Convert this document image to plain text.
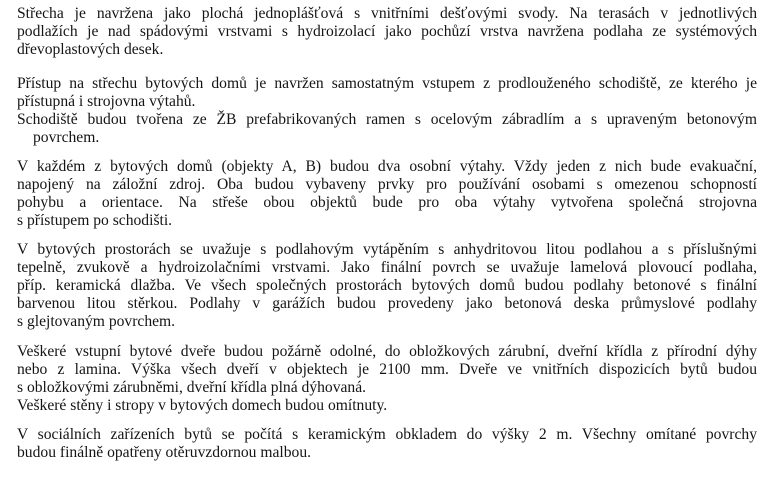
Střecha je navržena jako plochá jednoplášťová s vnitřními dešťovými svody. Na terasách v jednotlivých
podlažích je nad spádovými vrstvami s hydroizolací jako pochůzí vrstva navržena podlaha ze systémových
dřevoplastových desek.
Přístup na střechu bytových domů je navržen samostatným vstupem z prodlouženého schodiště, ze kterého je
přístupná i strojovna výtahů.
Schodiště budou tvořena ze ŽB prefabrikovaných ramen s ocelovým zábradlím a s upraveným betonovým
povrchem.
V každém z bytových domů (objekty A, B) budou dva osobní výtahy. Vždy jeden z nich bude evakuační,
napojený na záložní zdroj. Oba budou vybaveny prvky pro používání osobami s omezenou schopností
pohybu a orientace. Na střeše obou objektů bude pro oba výtahy vytvořena společná strojovna
s přístupem po schodišti.
V bytových prostorách se uvažuje s podlahovým vytápěním s anhydritovou litou podlahou a s příslušnými
tepelně, zvukově a hydroizolačními vrstvami. Jako finální povrch se uvažuje lamelová plovoucí podlaha,
příp. keramická dlažba. Ve všech společných prostorách bytových domů budou podlahy betonové s finální
barvenou litou stěrkou. Podlahy v garážích budou provedeny jako betonová deska průmyslové podlahy
s glejtovaným povrchem.
Veškeré vstupní bytové dveře budou požárně odolné, do obložkových zárubní, dveřní křídla z přírodní dýhy
nebo z lamina. Výška všech dveří v objektech je 2100 mm. Dveře ve vnitřních dispozicích bytů budou
s obložkovými zárubněmi, dveřní křídla plná dýhovaná.
Veškeré stěny i stropy v bytových domech budou omítnuty.
V sociálních zařízeních bytů se počítá s keramickým obkladem do výšky 2 m. Všechny omítané povrchy
budou finálně opatřeny otěruvzdornou malbou.
